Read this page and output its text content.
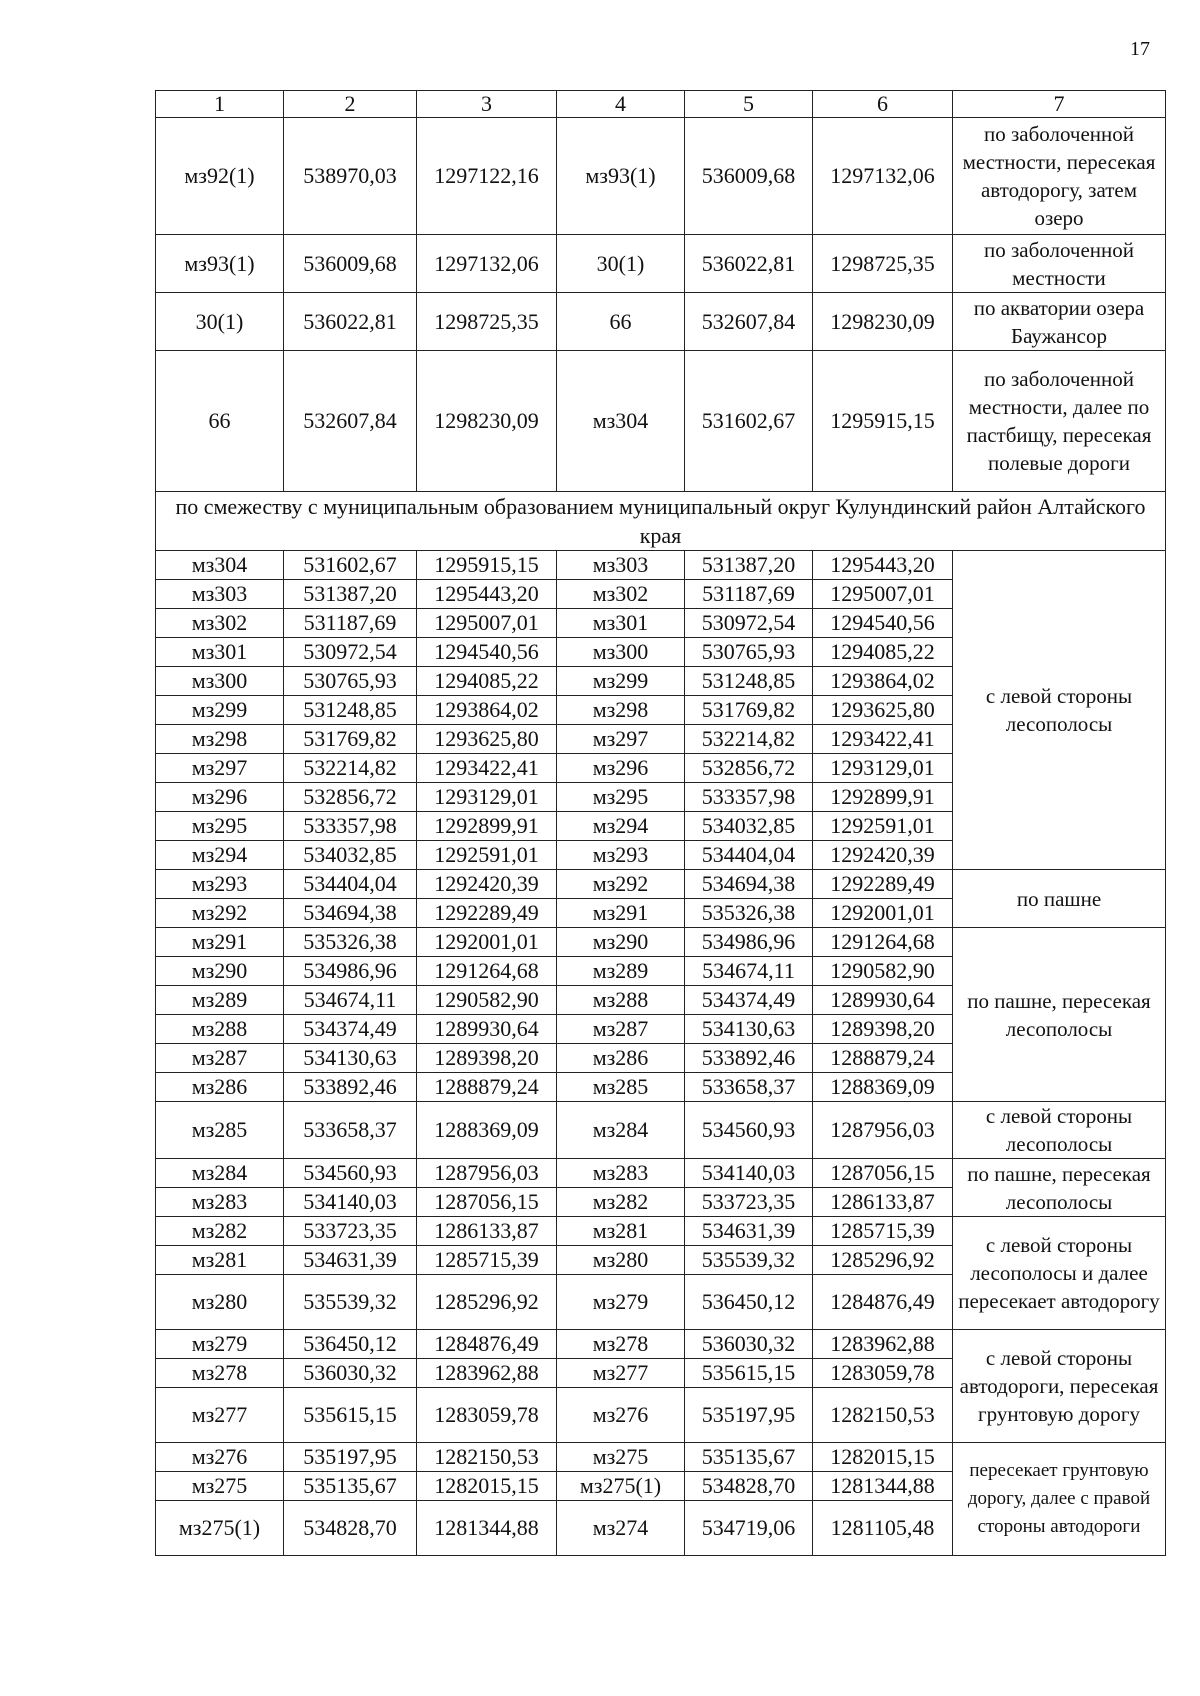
17
1	2	3	4	5	6	7
мз92(1)	538970,03	1297122,16	мз93(1)	536009,68	1297132,06	по заболоченной местности, пересекая автодорогу, затем озеро
мз93(1)	536009,68	1297132,06	30(1)	536022,81	1298725,35	по заболоченной местности
30(1)	536022,81	1298725,35	66	532607,84	1298230,09	по акватории озера Баужансор
66	532607,84	1298230,09	мз304	531602,67	1295915,15	по заболоченной местности, далее по пастбищу, пересекая полевые дороги
по смежеству с муниципальным образованием муниципальный округ Кулундинский район Алтайского края						
мз304	531602,67	1295915,15	мз303	531387,20	1295443,20	с левой стороны лесополосы
мз303	531387,20	1295443,20	мз302	531187,69	1295007,01	
мз302	531187,69	1295007,01	мз301	530972,54	1294540,56	
мз301	530972,54	1294540,56	мз300	530765,93	1294085,22	
мз300	530765,93	1294085,22	мз299	531248,85	1293864,02	
мз299	531248,85	1293864,02	мз298	531769,82	1293625,80	
мз298	531769,82	1293625,80	мз297	532214,82	1293422,41	
мз297	532214,82	1293422,41	мз296	532856,72	1293129,01	
мз296	532856,72	1293129,01	мз295	533357,98	1292899,91	
мз295	533357,98	1292899,91	мз294	534032,85	1292591,01	
мз294	534032,85	1292591,01	мз293	534404,04	1292420,39	
мз293	534404,04	1292420,39	мз292	534694,38	1292289,49	по пашне
мз292	534694,38	1292289,49	мз291	535326,38	1292001,01	
мз291	535326,38	1292001,01	мз290	534986,96	1291264,68	по пашне, пересекая лесополосы
мз290	534986,96	1291264,68	мз289	534674,11	1290582,90	
мз289	534674,11	1290582,90	мз288	534374,49	1289930,64	
мз288	534374,49	1289930,64	мз287	534130,63	1289398,20	
мз287	534130,63	1289398,20	мз286	533892,46	1288879,24	
мз286	533892,46	1288879,24	мз285	533658,37	1288369,09	
мз285	533658,37	1288369,09	мз284	534560,93	1287956,03	с левой стороны лесополосы
мз284	534560,93	1287956,03	мз283	534140,03	1287056,15	по пашне, пересекая лесополосы
мз283	534140,03	1287056,15	мз282	533723,35	1286133,87	
мз282	533723,35	1286133,87	мз281	534631,39	1285715,39	с левой стороны лесополосы и далее пересекает автодорогу
мз281	534631,39	1285715,39	мз280	535539,32	1285296,92	
мз280	535539,32	1285296,92	мз279	536450,12	1284876,49	
мз279	536450,12	1284876,49	мз278	536030,32	1283962,88	с левой стороны автодороги, пересекая грунтовую дорогу
мз278	536030,32	1283962,88	мз277	535615,15	1283059,78	
мз277	535615,15	1283059,78	мз276	535197,95	1282150,53	
мз276	535197,95	1282150,53	мз275	535135,67	1282015,15	пересекает грунтовую дорогу, далее с правой стороны автодороги
мз275	535135,67	1282015,15	мз275(1)	534828,70	1281344,88	
мз275(1)	534828,70	1281344,88	мз274	534719,06	1281105,48	
